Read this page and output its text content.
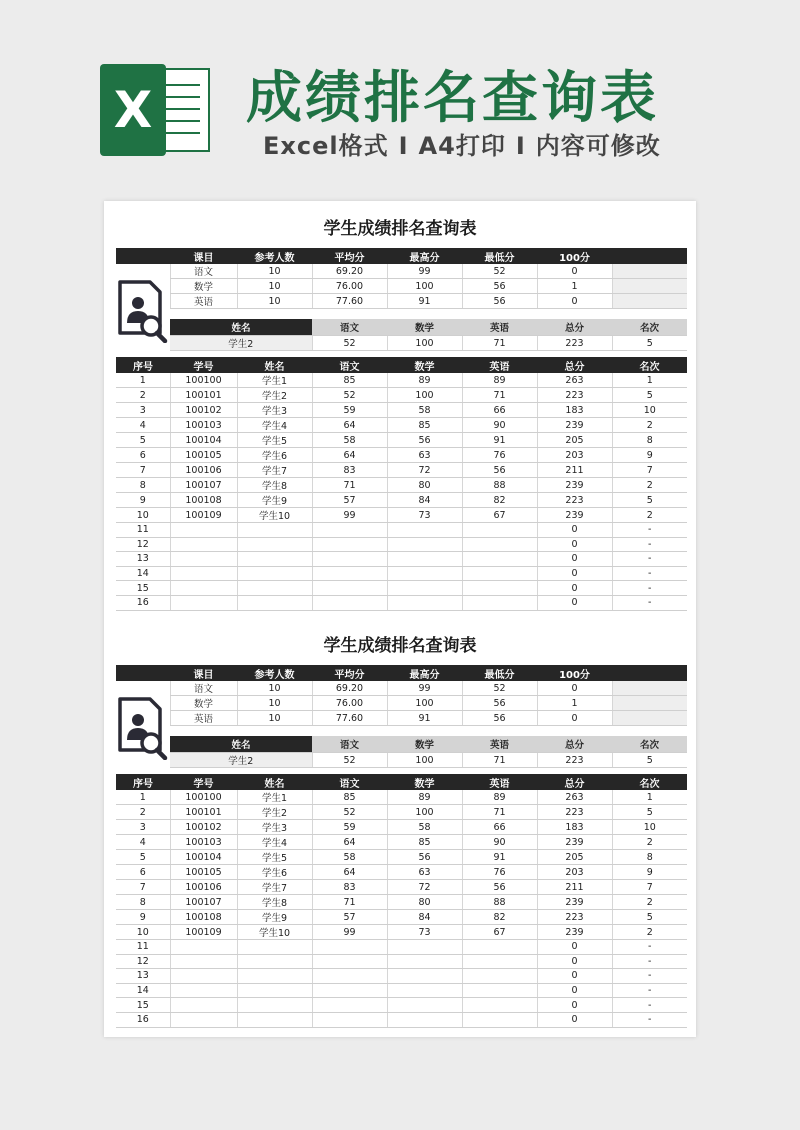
X 成绩排名查询表
Excel格式 I A4打印 I 内容可修改
学生成绩排名查询表
	课目	参考人数	平均分	最高分	最低分	100分	
	语文	10	69.20	99	52	0	
	数学	10	76.00	100	56	1	
	英语	10	77.60	91	56	0	
姓名	语文	数学	英语	总分	名次
学生2	52	100	71	223	5
序号	学号	姓名	语文	数学	英语	总分	名次
1	100100	学生1	85	89	89	263	1
2	100101	学生2	52	100	71	223	5
3	100102	学生3	59	58	66	183	10
4	100103	学生4	64	85	90	239	2
5	100104	学生5	58	56	91	205	8
6	100105	学生6	64	63	76	203	9
7	100106	学生7	83	72	56	211	7
8	100107	学生8	71	80	88	239	2
9	100108	学生9	57	84	82	223	5
10	100109	学生10	99	73	67	239	2
11						0	-
12						0	-
13						0	-
14						0	-
15						0	-
16						0	-
学生成绩排名查询表
	课目	参考人数	平均分	最高分	最低分	100分	
	语文	10	69.20	99	52	0	
	数学	10	76.00	100	56	1	
	英语	10	77.60	91	56	0	
姓名	语文	数学	英语	总分	名次
学生2	52	100	71	223	5
序号	学号	姓名	语文	数学	英语	总分	名次
1	100100	学生1	85	89	89	263	1
2	100101	学生2	52	100	71	223	5
3	100102	学生3	59	58	66	183	10
4	100103	学生4	64	85	90	239	2
5	100104	学生5	58	56	91	205	8
6	100105	学生6	64	63	76	203	9
7	100106	学生7	83	72	56	211	7
8	100107	学生8	71	80	88	239	2
9	100108	学生9	57	84	82	223	5
10	100109	学生10	99	73	67	239	2
11						0	-
12						0	-
13						0	-
14						0	-
15						0	-
16						0	-
